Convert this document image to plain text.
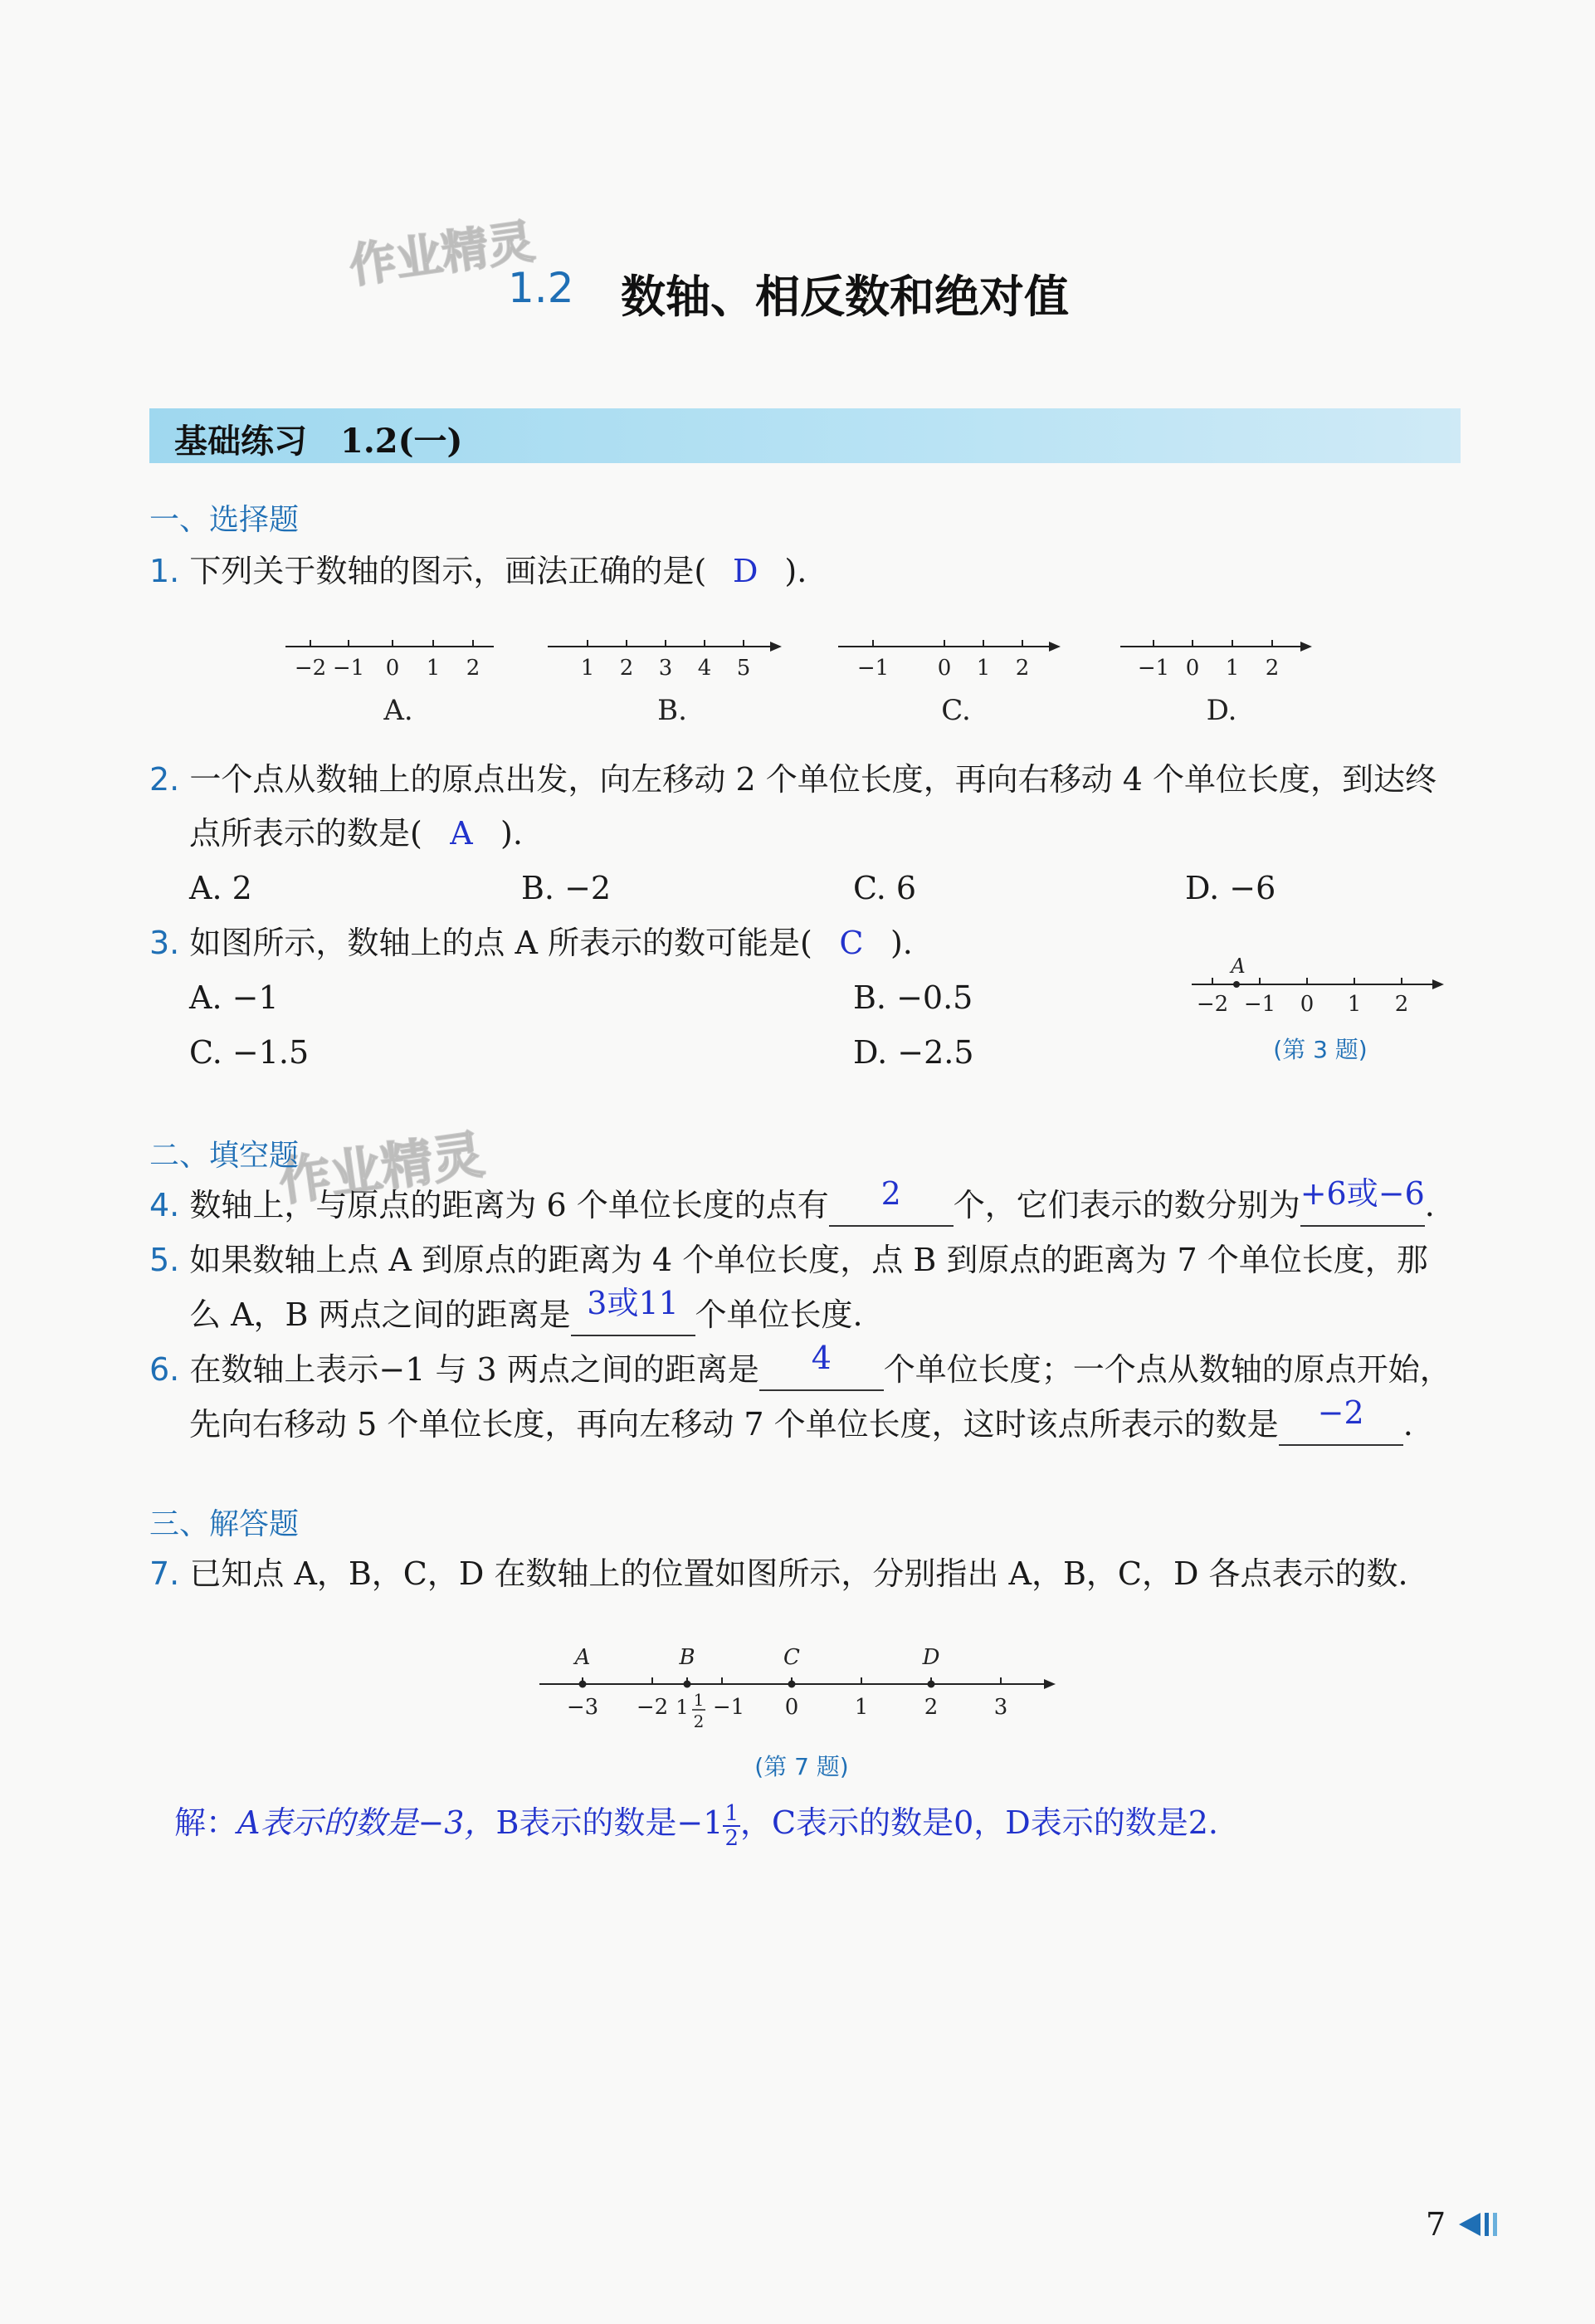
作业精灵
作业精灵
1.2 数轴、相反数和绝对值
基础练习　1.2(一)
一、选择题
1. 下列关于数轴的图示，画法正确的是( D ).
−2 −1 0 1 2	1 2 3 4 5	−1 0 1 2	−1 0 1 2
A.	B.	C.	D.
2. 一个点从数轴上的原点出发，向左移动 2 个单位长度，再向右移动 4 个单位长度，到达终
点所表示的数是( A ).
A. 2	B. −2	C. 6	D. −6
3. 如图所示，数轴上的点 A 所表示的数可能是( C ).
A. −1	B. −0.5
C. −1.5	D. −2.5
A
−2 −1 0 1 2
(第 3 题)
二、填空题
4. 数轴上，与原点的距离为 6 个单位长度的点有 2 个，它们表示的数分别为+6或−6.
5. 如果数轴上点 A 到原点的距离为 4 个单位长度，点 B 到原点的距离为 7 个单位长度，那
么 A，B 两点之间的距离是 3或11 个单位长度.
6. 在数轴上表示−1 与 3 两点之间的距离是 4 个单位长度；一个点从数轴的原点开始，
先向右移动 5 个单位长度，再向左移动 7 个单位长度，这时该点所表示的数是 −2 .
三、解答题
7. 已知点 A，B，C，D 在数轴上的位置如图所示，分别指出 A，B，C，D 各点表示的数.
A	B	C	D
−3 −2 −1 0	1	2	3
1 1
2
(第 7 题)
解：A表示的数是−3，B表示的数是$-1 \frac{1}{2}$ ，C表示的数是0，D表示的数是2.
7
